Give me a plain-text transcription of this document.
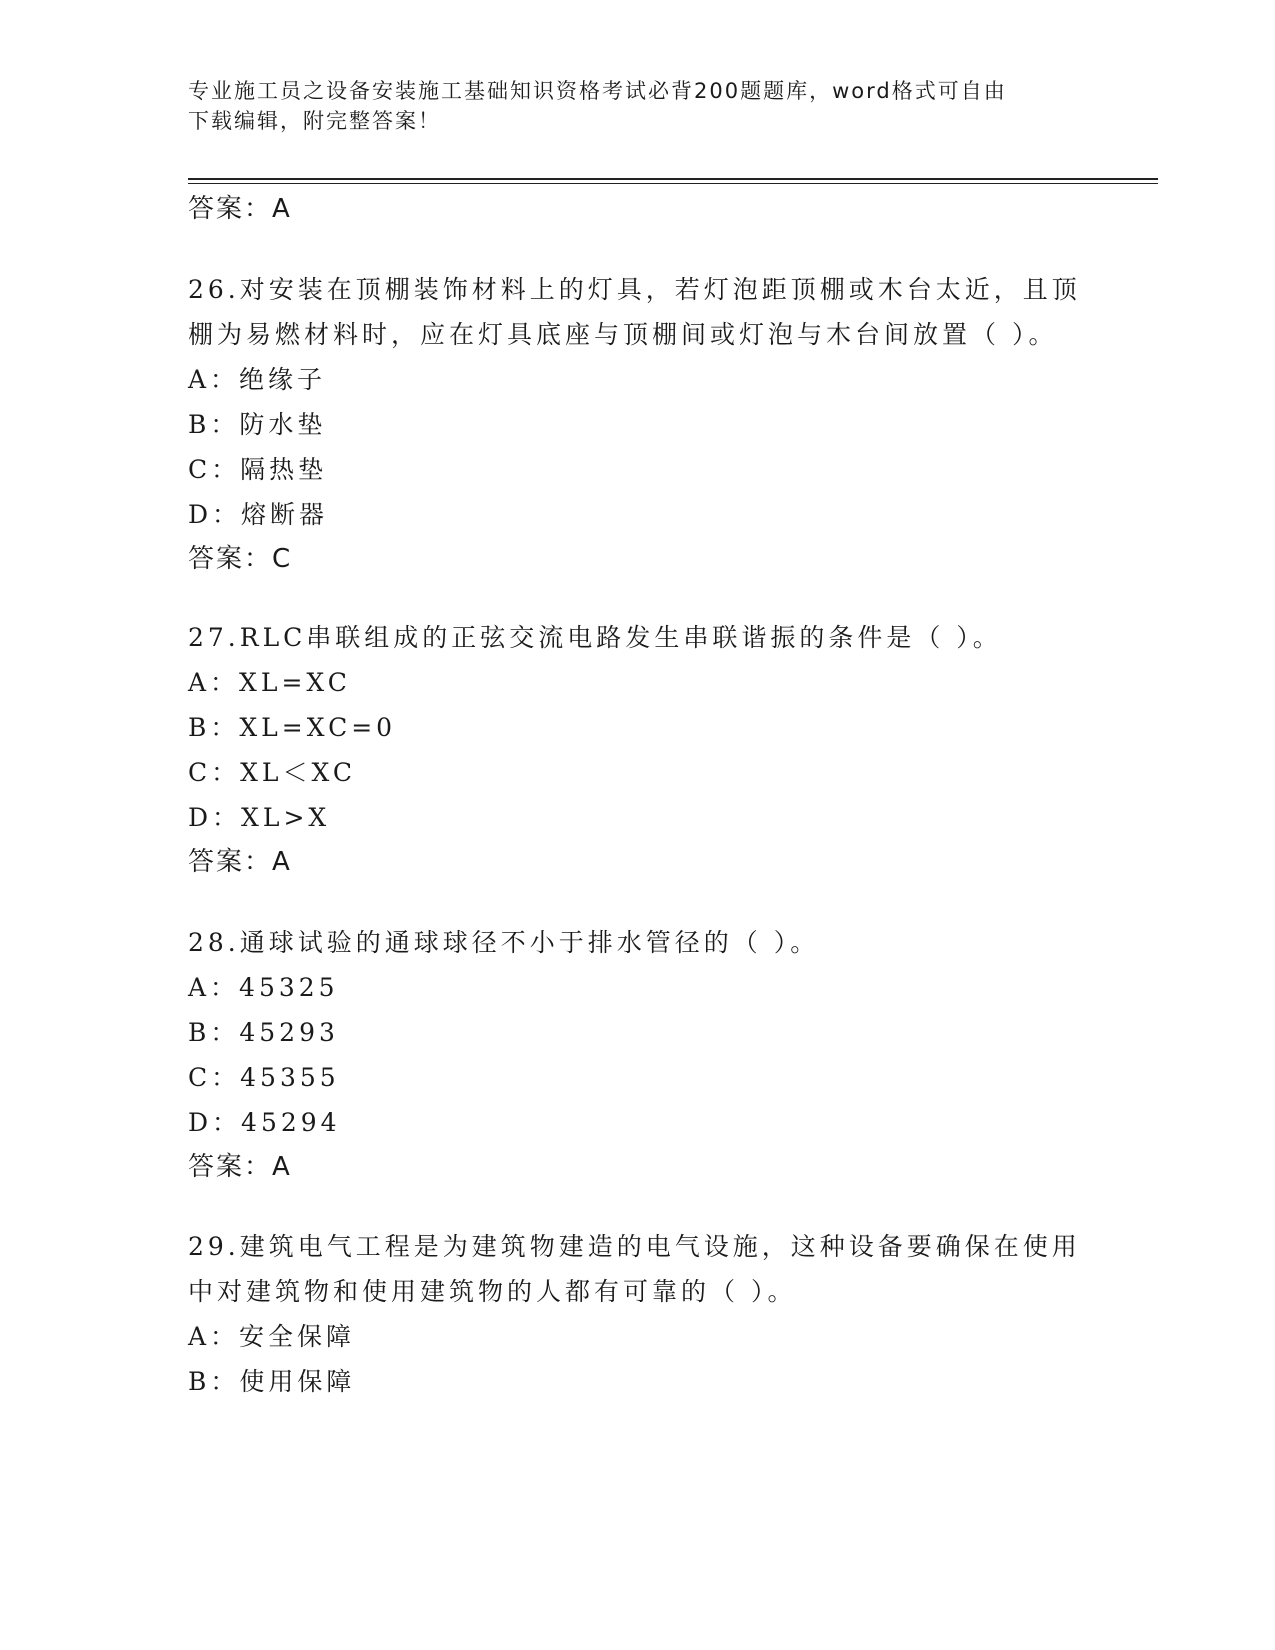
专业施工员之设备安装施工基础知识资格考试必背200题题库，word格式可自由
下载编辑，附完整答案！
答案：A
26.对安装在顶棚装饰材料上的灯具，若灯泡距顶棚或木台太近，且顶
棚为易燃材料时，应在灯具底座与顶棚间或灯泡与木台间放置（ ）。
A：绝缘子
B：防水垫
C：隔热垫
D：熔断器
答案：C
27.RLC串联组成的正弦交流电路发生串联谐振的条件是（ ）。
A：XL=XC
B：XL=XC=0
C：XL＜XC
D：XL>X
答案：A
28.通球试验的通球球径不小于排水管径的（ ）。
A：45325
B：45293
C：45355
D：45294
答案：A
29.建筑电气工程是为建筑物建造的电气设施，这种设备要确保在使用
中对建筑物和使用建筑物的人都有可靠的（ ）。
A：安全保障
B：使用保障
